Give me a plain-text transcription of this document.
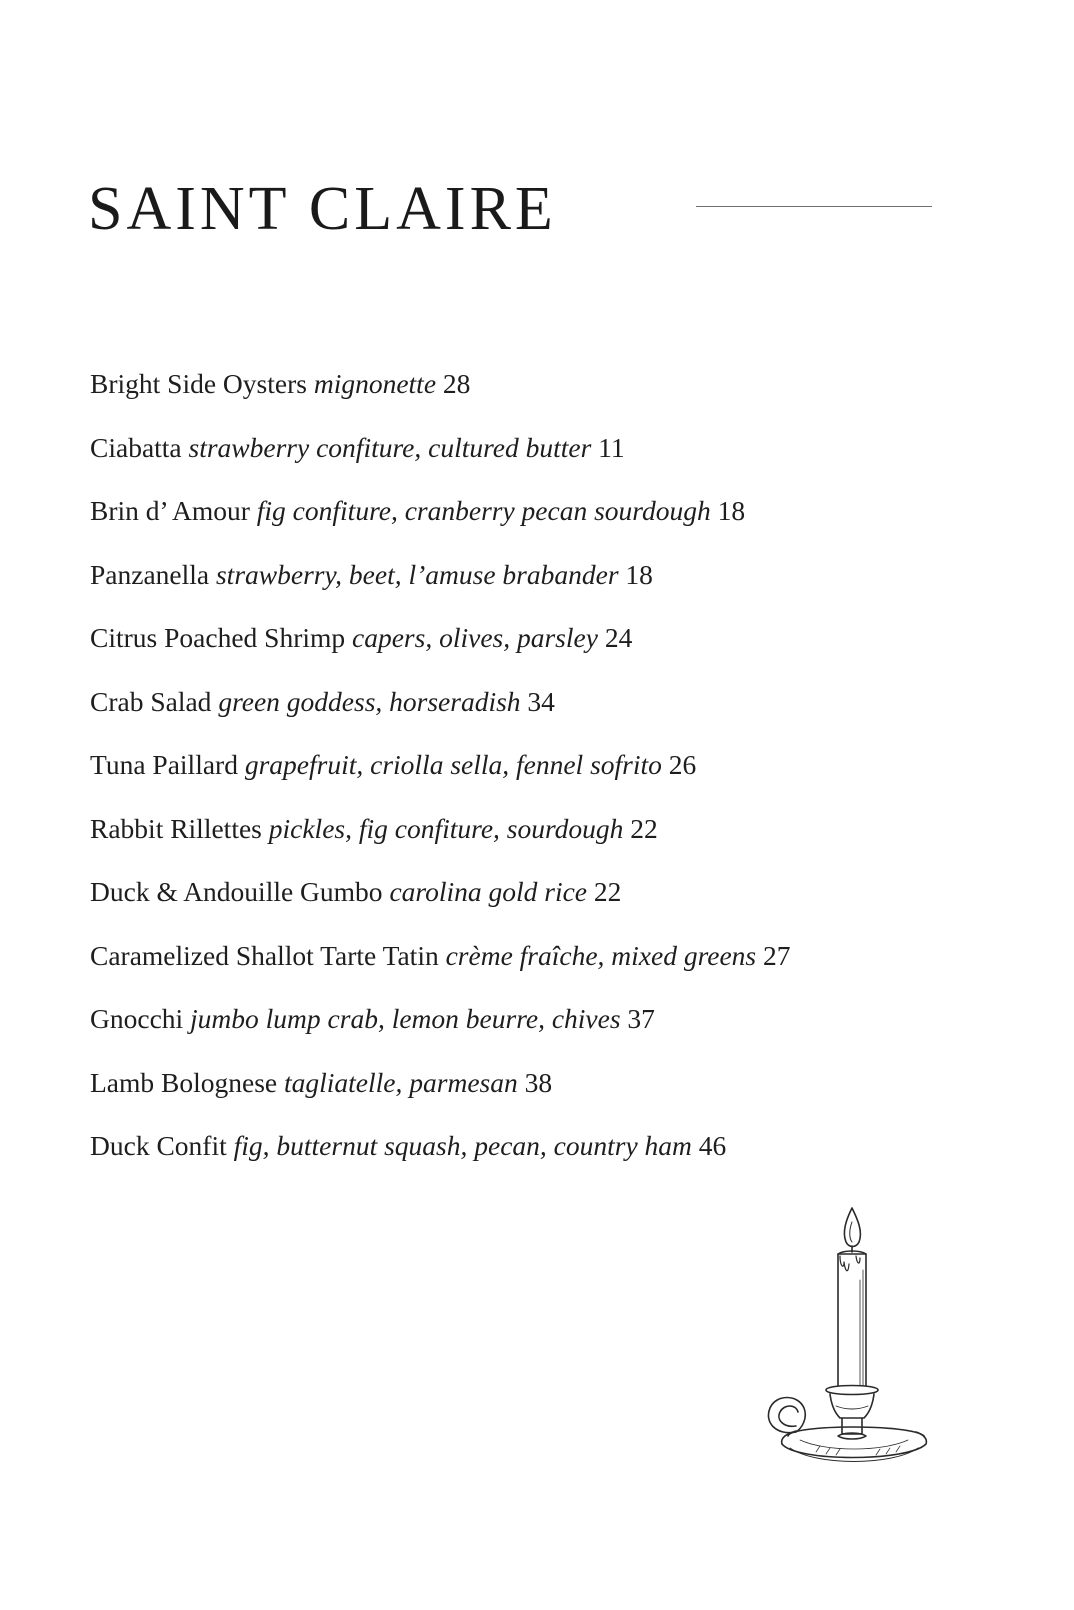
SAINT CLAIRE
Bright Side Oysters mignonette 28
Ciabatta strawberry confiture, cultured butter 11
Brin d’ Amour fig confiture, cranberry pecan sourdough 18
Panzanella strawberry, beet, l’amuse brabander 18
Citrus Poached Shrimp capers, olives, parsley 24
Crab Salad green goddess, horseradish 34
Tuna Paillard grapefruit, criolla sella, fennel sofrito 26
Rabbit Rillettes pickles, fig confiture, sourdough 22
Duck & Andouille Gumbo carolina gold rice 22
Caramelized Shallot Tarte Tatin crème fraîche, mixed greens 27
Gnocchi jumbo lump crab, lemon beurre, chives 37
Lamb Bolognese tagliatelle, parmesan 38
Duck Confit fig, butternut squash, pecan, country ham 46
